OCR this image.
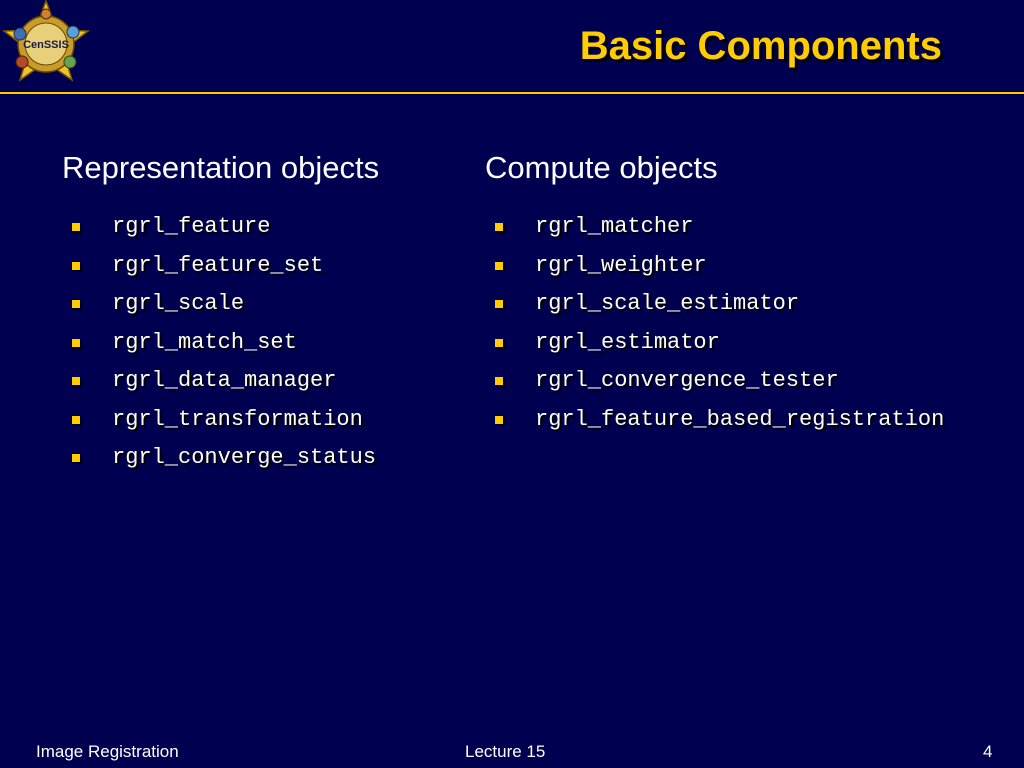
CenSSIS	Basic Components
Representation objects
rgrl_feature
rgrl_feature_set
rgrl_scale
rgrl_match_set
rgrl_data_manager
rgrl_transformation
rgrl_converge_status
Compute objects
rgrl_matcher
rgrl_weighter
rgrl_scale_estimator
rgrl_estimator
rgrl_convergence_tester
rgrl_feature_based_registration
Image Registration	Lecture 15	4
